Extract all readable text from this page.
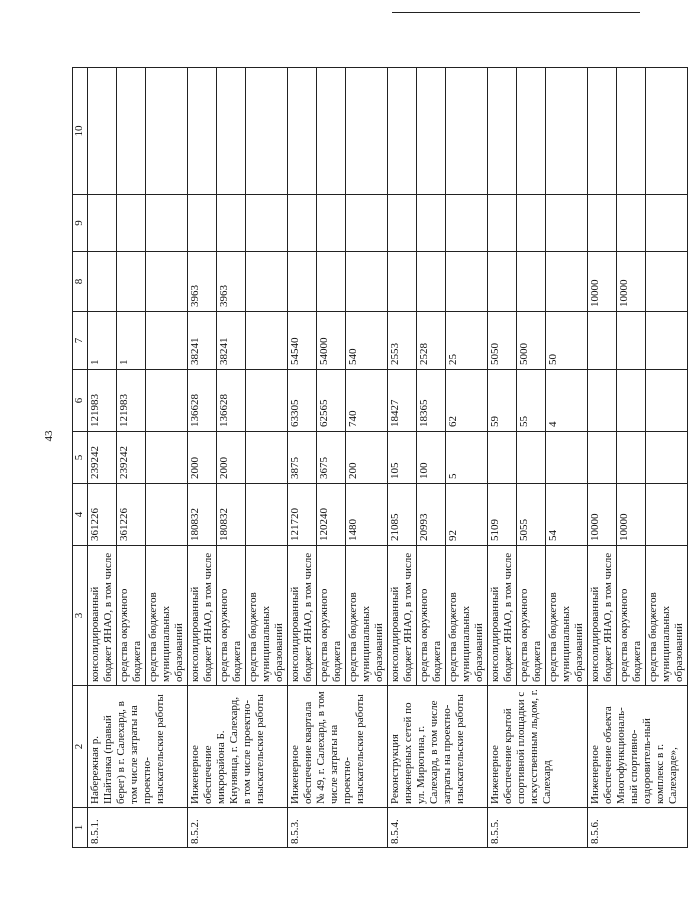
43
1	2	3	4	5	6	7	8	9	10
8.5.1.	Набережная р. Шайтанка (правый берег) в г. Салехард, в том числе затраты на проектно-изыскательские работы	консолидированный бюджет ЯНАО, в том числе	361226	239242	121983	1			
		средства окружного бюджета	361226	239242	121983	1			
		средства бюджетов муниципальных образований							
8.5.2.	Инженерное обеспечение микрорайона Б. Кнунянца, г. Салехард, в том числе проектно-изыскательские работы	консолидированный бюджет ЯНАО, в том числе	180832	2000	136628	38241	3963		
		средства окружного бюджета	180832	2000	136628	38241	3963		
		средства бюджетов муниципальных образований							
8.5.3.	Инженерное обеспечение квартала № 49, г. Салехард, в том числе затраты на проектно-изыскательские работы	консолидированный бюджет ЯНАО, в том числе	121720	3875	63305	54540			
		средства окружного бюджета	120240	3675	62565	54000			
		средства бюджетов муниципальных образований	1480	200	740	540			
8.5.4.	Реконструкция инженерных сетей по ул. Мирюгина, г. Салехард, в том числе затраты на проектно-изыскательские работы	консолидированный бюджет ЯНАО, в том числе	21085	105	18427	2553			
		средства окружного бюджета	20993	100	18365	2528			
		средства бюджетов муниципальных образований	92	5	62	25			
8.5.5.	Инженерное обеспечение крытой спортивной площадки с искусственным льдом, г. Салехард	консолидированный бюджет ЯНАО, в том числе	5109		59	5050			
		средства окружного бюджета	5055		55	5000			
		средства бюджетов муниципальных образований	54		4	50			
8.5.6.	Инженерное обеспечение объекта Многофункциональ-ный спортивно-оздоровитель-ный комплекс в г. Салехарде»,	консолидированный бюджет ЯНАО, в том числе	10000				10000		
		средства окружного бюджета	10000				10000		
		средства бюджетов муниципальных образований							
